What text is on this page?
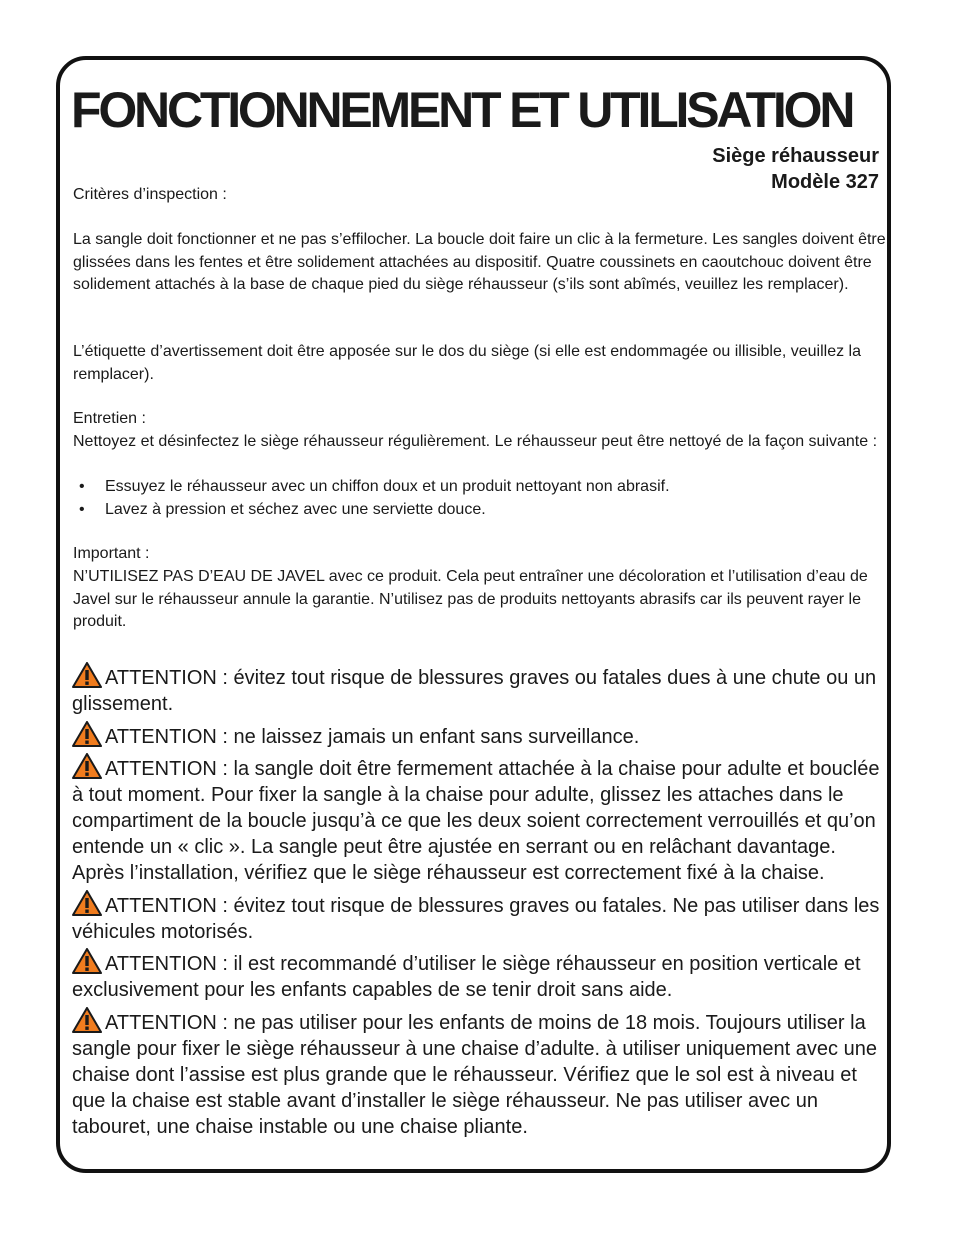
FONCTIONNEMENT ET UTILISATION
Siège réhausseur
Modèle 327

Critères d’inspection :

La sangle doit fonctionner et ne pas s’effilocher. La boucle doit faire un clic à la fermeture. Les sangles doivent être glissées dans les fentes et être solidement attachées au dispositif. Quatre coussinets en caoutchouc doivent être solidement attachés à la base de chaque pied du siège réhausseur (s’ils sont abîmés, veuillez les remplacer).

L’étiquette d’avertissement doit être apposée sur le dos du siège (si elle est endommagée ou illisible, veuillez la remplacer).

Entretien :

Nettoyez et désinfectez le siège réhausseur régulièrement. Le réhausseur peut être nettoyé de la façon suivante :

• Essuyez le réhausseur avec un chiffon doux et un produit nettoyant non abrasif.
• Lavez à pression et séchez avec une serviette douce.

Important :

N’UTILISEZ PAS D’EAU DE JAVEL avec ce produit. Cela peut entraîner une décoloration et l’utilisation d’eau de Javel sur le réhausseur annule la garantie. N’utilisez pas de produits nettoyants abrasifs car ils peuvent rayer le produit.

ATTENTION : évitez tout risque de blessures graves ou fatales dues à une chute ou un glissement.

ATTENTION : ne laissez jamais un enfant sans surveillance.

ATTENTION : la sangle doit être fermement attachée à la chaise pour adulte et bouclée à tout moment. Pour fixer la sangle à la chaise pour adulte, glissez les attaches dans le compartiment de la boucle jusqu’à ce que les deux soient correctement verrouillés et qu’on entende un « clic ». La sangle peut être ajustée en serrant ou en relâchant davantage. Après l’installation, vérifiez que le siège réhausseur est correctement fixé à la chaise.

ATTENTION : évitez tout risque de blessures graves ou fatales. Ne pas utiliser dans les véhicules motorisés.

ATTENTION : il est recommandé d’utiliser le siège réhausseur en position verticale et exclusivement pour les enfants capables de se tenir droit sans aide.

ATTENTION : ne pas utiliser pour les enfants de moins de 18 mois. Toujours utiliser la sangle pour fixer le siège réhausseur à une chaise d’adulte. à utiliser uniquement avec une chaise dont l’assise est plus grande que le réhausseur. Vérifiez que le sol est à niveau et que la chaise est stable avant d’installer le siège réhausseur. Ne pas utiliser avec un tabouret, une chaise instable ou une chaise pliante.
